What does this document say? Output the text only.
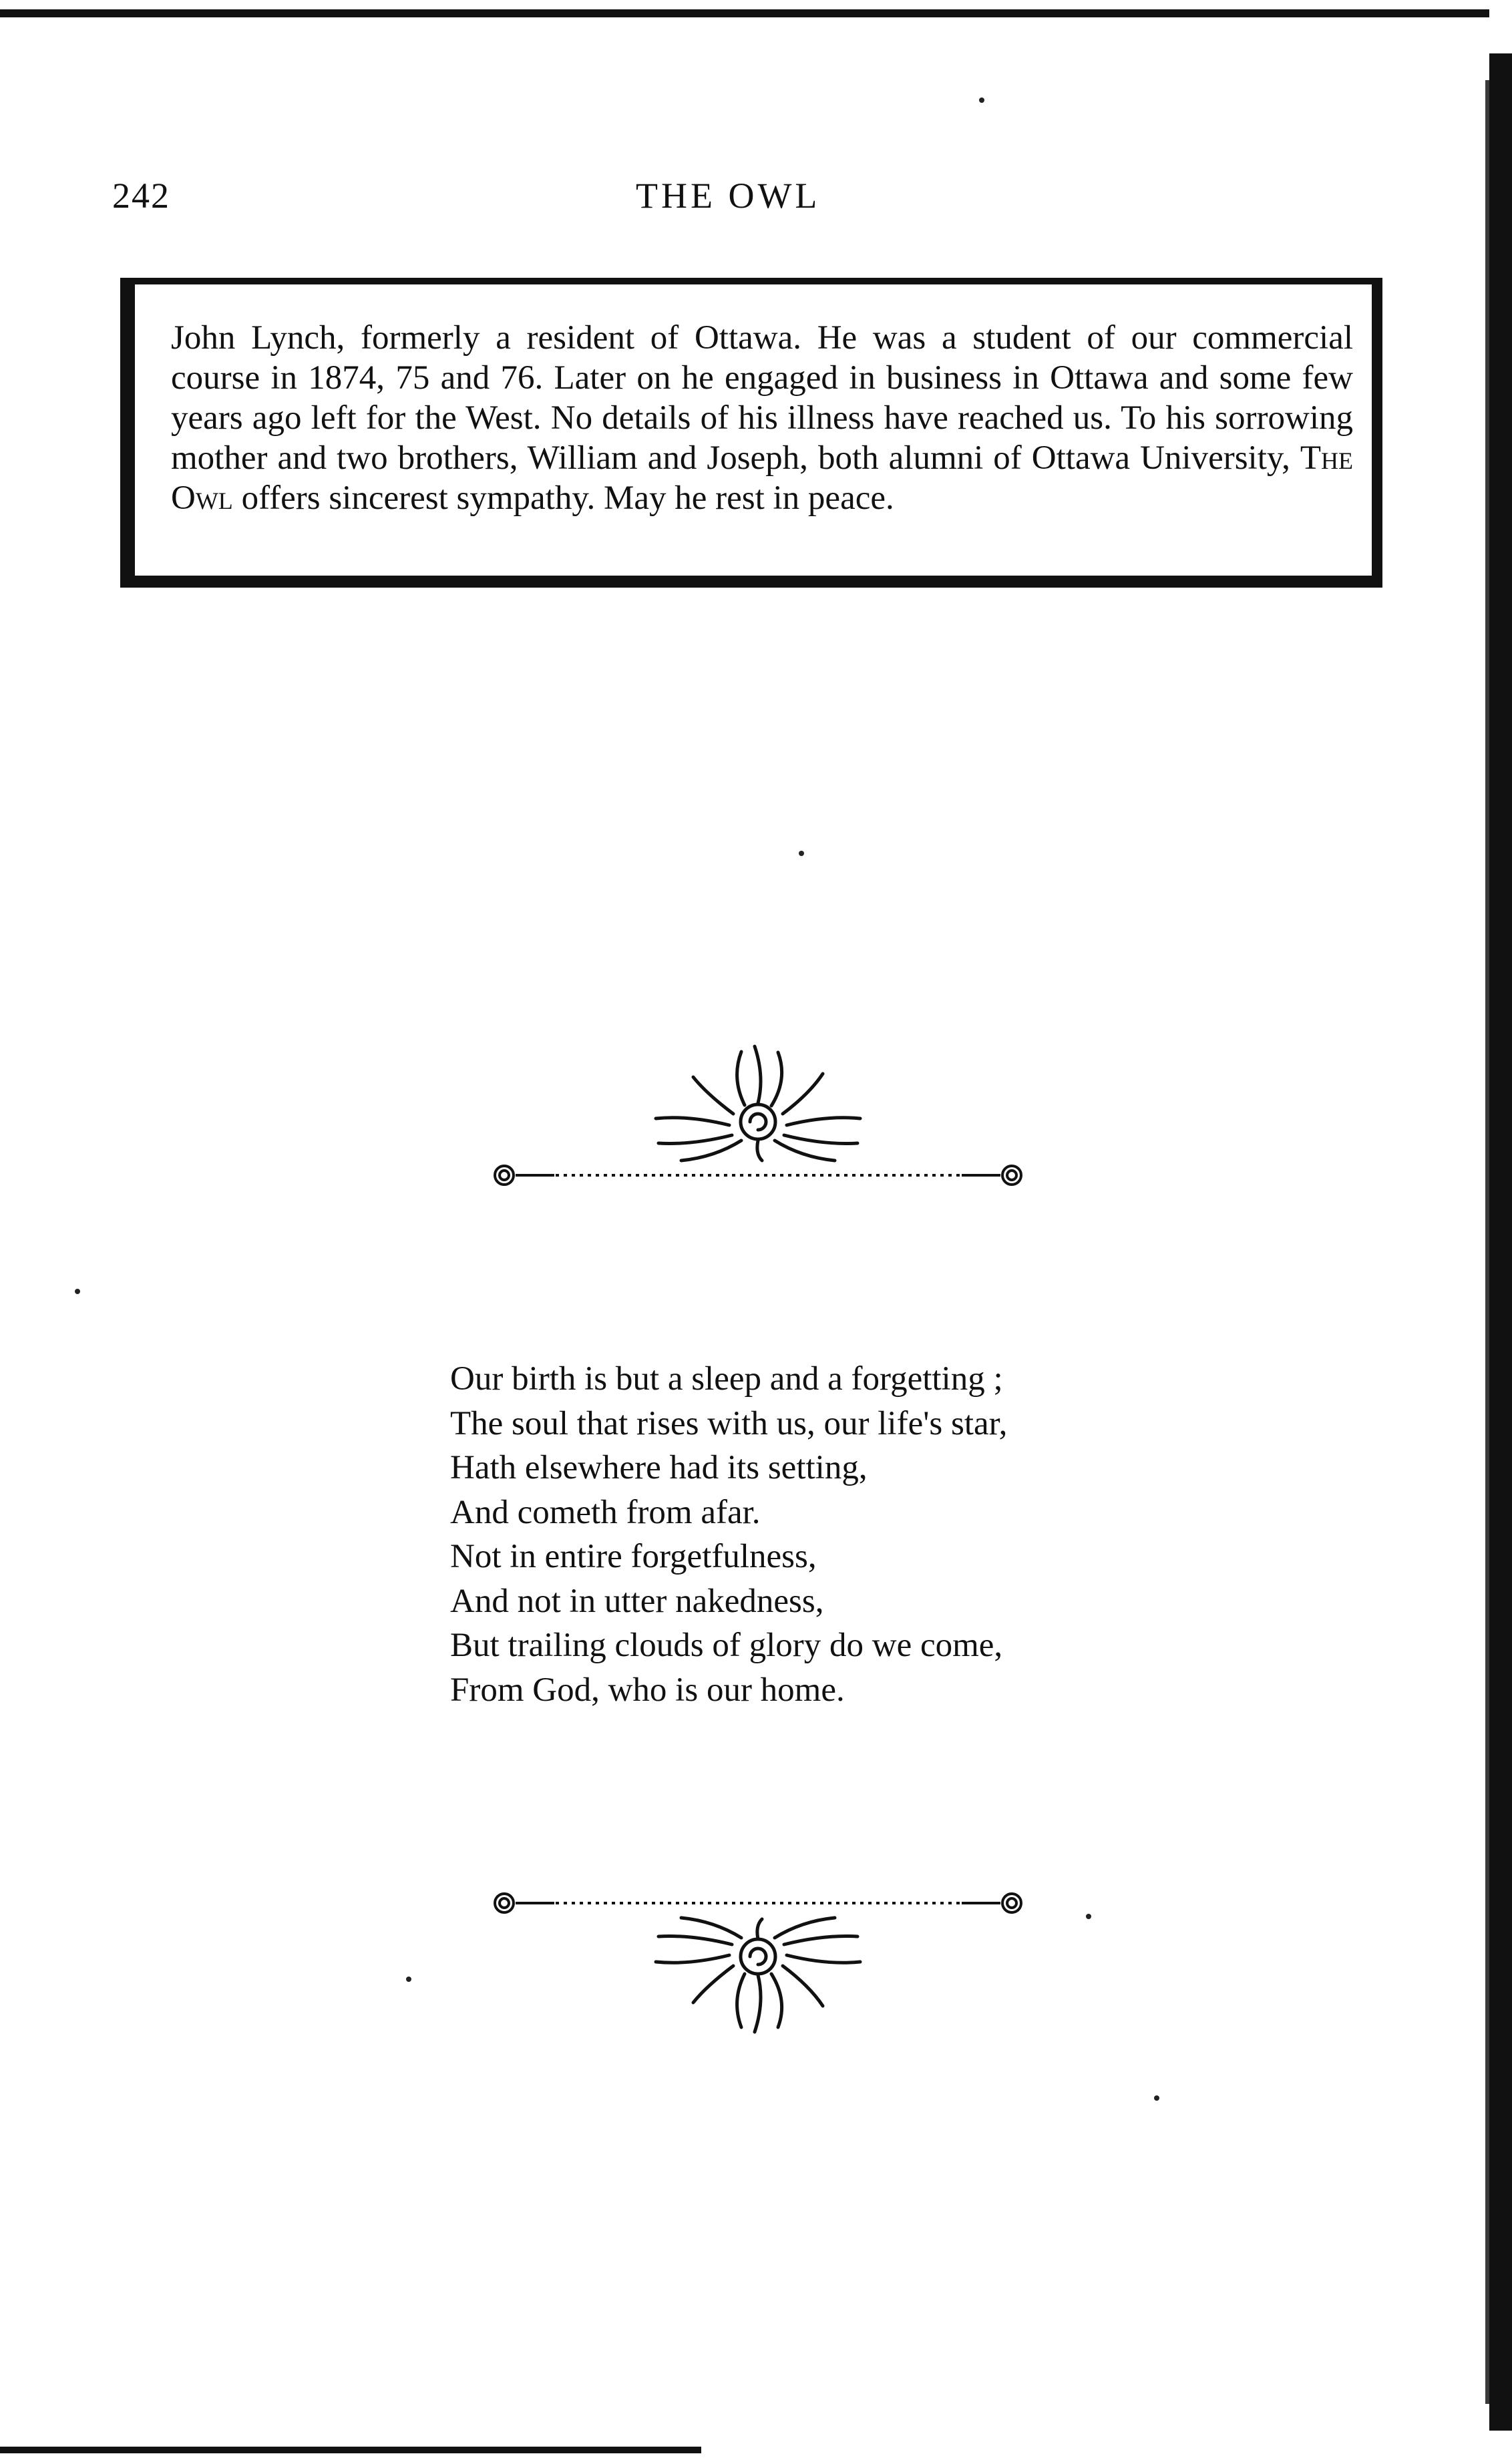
242	THE OWL

John Lynch, formerly a resident of Ottawa. He was a student of our commercial course in 1874, 75 and 76. Later on he engaged in business in Ottawa and some few years ago left for the West. No details of his illness have reached us. To his sorrowing mother and two brothers, William and Joseph, both alumni of Ottawa University, The Owl offers sincerest sympathy. May he rest in peace.

Our birth is but a sleep and a forgetting ;
The soul that rises with us, our life's star,
Hath elsewhere had its setting,
And cometh from afar.
Not in entire forgetfulness,
And not in utter nakedness,
But trailing clouds of glory do we come,
From God, who is our home.
